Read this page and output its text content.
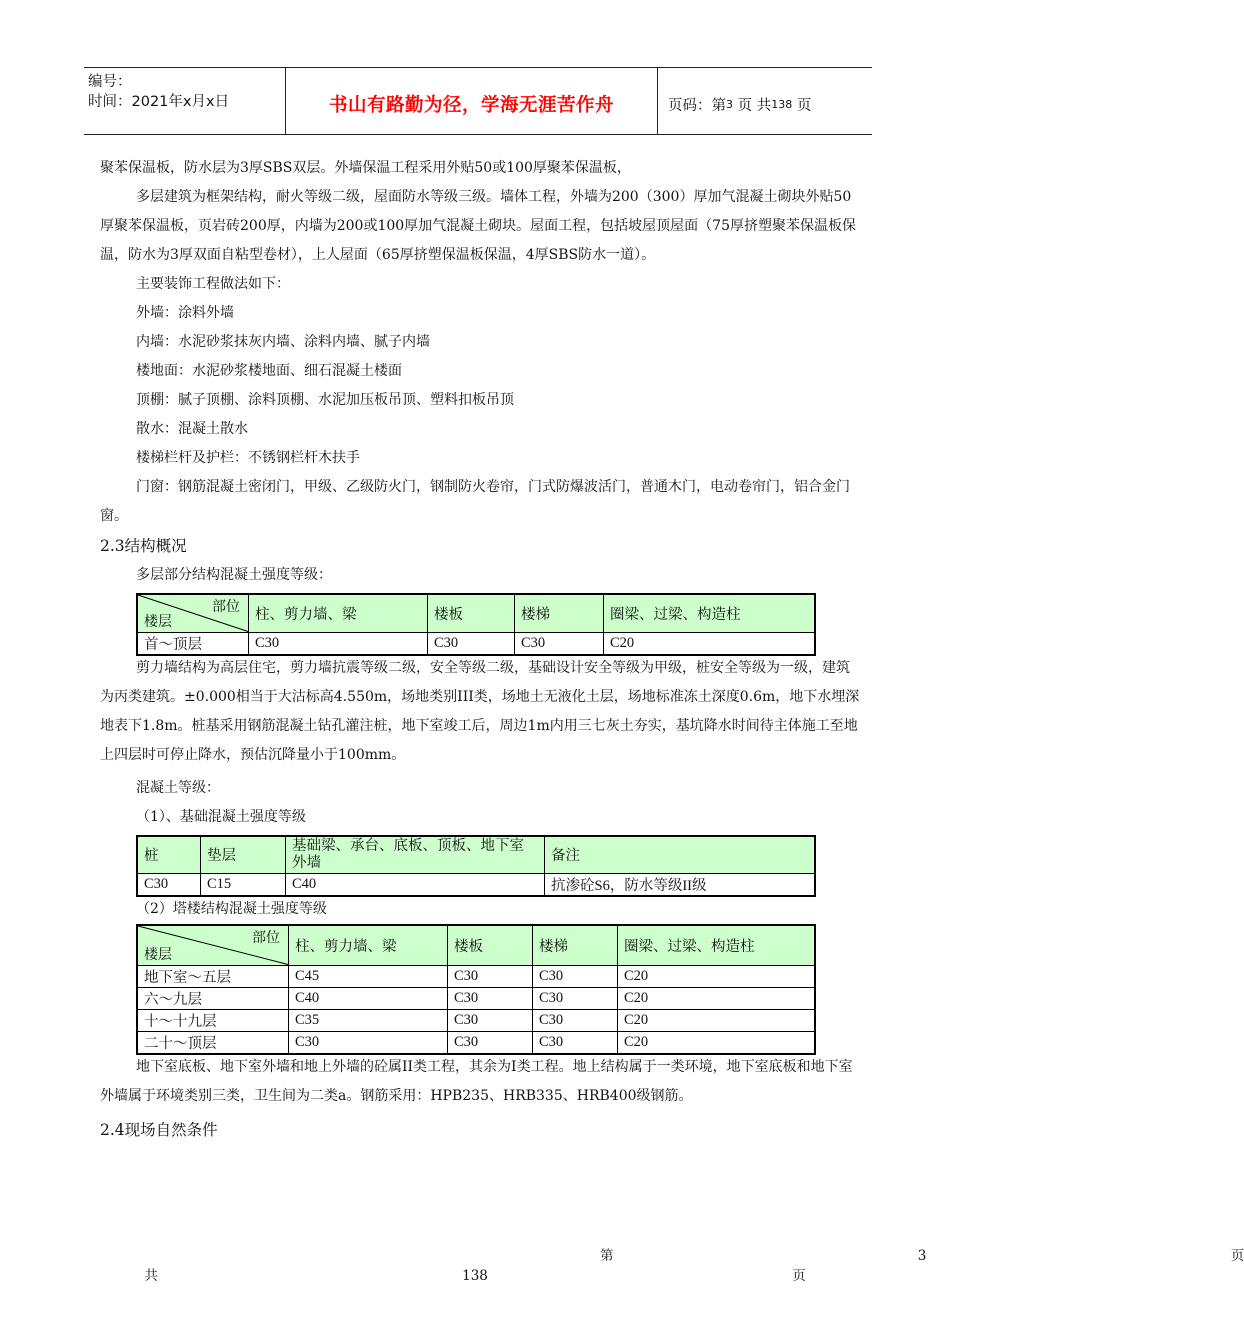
编号：
时间：2021年x月x日	书山有路勤为径，学海无涯苦作舟	页码：第 3
页 共 138
页

聚苯保温板，防水层为3厚SBS双层。外墙保温工程采用外贴50或100厚聚苯保温板，

多层建筑为框架结构，耐火等级二级，屋面防水等级三级。墙体工程，外墙为200（300）厚加气混凝土砌块外贴50厚聚苯保温板，页岩砖200厚，内墙为200或100厚加气混凝土砌块。屋面工程，包括坡屋顶屋面（75厚挤塑聚苯保温板保温，防水为3厚双面自粘型卷材），上人屋面（65厚挤塑保温板保温，4厚SBS防水一道）。

主要装饰工程做法如下：

外墙：涂料外墙

内墙：水泥砂浆抹灰内墙、涂料内墙、腻子内墙

楼地面：水泥砂浆楼地面、细石混凝土楼面

顶棚：腻子顶棚、涂料顶棚、水泥加压板吊顶、塑料扣板吊顶

散水：混凝土散水

楼梯栏杆及护栏：不锈钢栏杆木扶手

门窗：钢筋混凝土密闭门，甲级、乙级防火门，钢制防火卷帘，门式防爆波活门，普通木门，电动卷帘门，铝合金门窗。

2.3结构概况

多层部分结构混凝土强度等级：

部位
楼层	柱、剪力墙、梁	楼板	楼梯	圈梁、过梁、构造柱
首～顶层	C30	C30	C30	C20

剪力墙结构为高层住宅，剪力墙抗震等级二级，安全等级二级，基础设计安全等级为甲级，桩安全等级为一级，建筑为丙类建筑。±0.000相当于大沽标高4.550m，场地类别III类，场地土无液化土层，场地标准冻土深度0.6m，地下水埋深地表下1.8m。桩基采用钢筋混凝土钻孔灌注桩，地下室竣工后，周边1m内用三七灰土夯实，基坑降水时间待主体施工至地上四层时可停止降水，预估沉降量小于100mm。

混凝土等级：

（1）、基础混凝土强度等级

桩	垫层	基础梁、承台、底板、顶板、地下室外墙	备注
C30	C15	C40	抗渗砼S6，防水等级II级

（2）塔楼结构混凝土强度等级

部位
楼层	柱、剪力墙、梁	楼板	楼梯	圈梁、过梁、构造柱
地下室～五层	C45	C30	C30	C20
六～九层	C40	C30	C30	C20
十～十九层	C35	C30	C30	C20
二十～顶层	C30	C30	C30	C20

地下室底板、地下室外墙和地上外墙的砼属II类工程，其余为I类工程。地上结构属于一类环境，地下室底板和地下室外墙属于环境类别三类，卫生间为二类a。钢筋采用：HPB235、HRB335、HRB400级钢筋。

2.4现场自然条件

第	3	页 共	138	页
